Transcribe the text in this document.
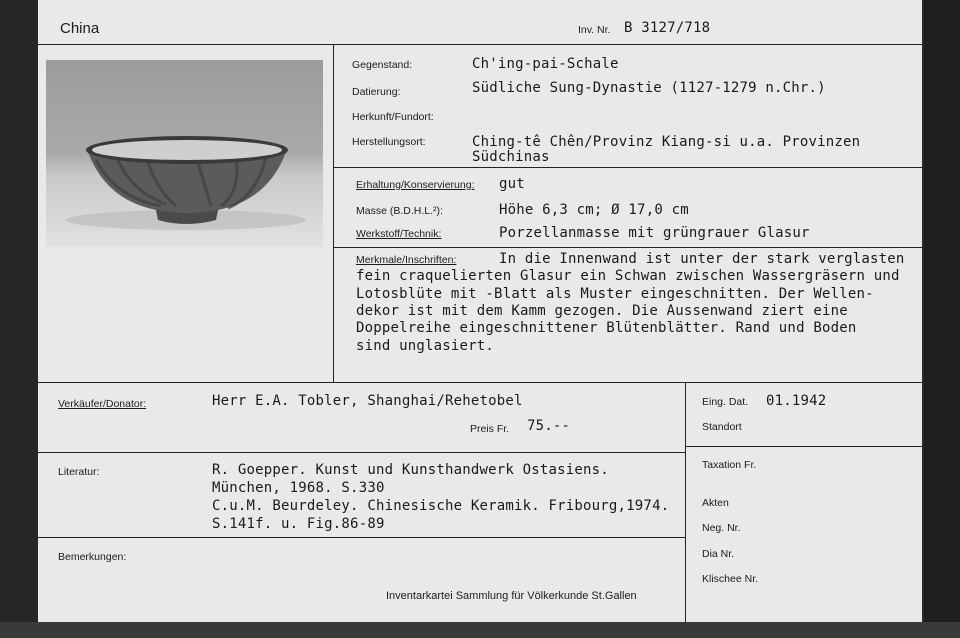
China	Inv. Nr. B 3127/718
Gegenstand:	Ch'ing-pai-Schale
Datierung:	Südliche Sung-Dynastie (1127-1279 n.Chr.)
Herkunft/Fundort:
Herstellungsort:	Ching-tê Chên/Provinz Kiang-si u.a. Provinzen
Südchinas
Erhaltung/Konservierung: gut
Masse (B.D.H.L.²):	Höhe 6,3 cm; Ø 17,0 cm
Werkstoff/Technik:	Porzellanmasse mit grüngrauer Glasur
Merkmale/Inschriften:	In die Innenwand ist unter der stark verglasten
fein craquelierten Glasur ein Schwan zwischen Wassergräsern und
Lotosblüte mit -Blatt als Muster eingeschnitten. Der Wellen-
dekor ist mit dem Kamm gezogen. Die Aussenwand ziert eine
Doppelreihe eingeschnittener Blütenblätter. Rand und Boden
sind unglasiert.
Verkäufer/Donator:	Herr E.A. Tobler, Shanghai/Rehetobel
Preis Fr. 75.--
Literatur:	R. Goepper. Kunst und Kunsthandwerk Ostasiens.
München, 1968. S.330
C.u.M. Beurdeley. Chinesische Keramik. Fribourg,1974.
S.141f. u. Fig.86-89
Bemerkungen:
Inventarkartei Sammlung für Völkerkunde St.Gallen
Eing. Dat. 01.1942
Standort
Taxation Fr.
Akten
Neg. Nr.
Dia Nr.
Klischee Nr.
